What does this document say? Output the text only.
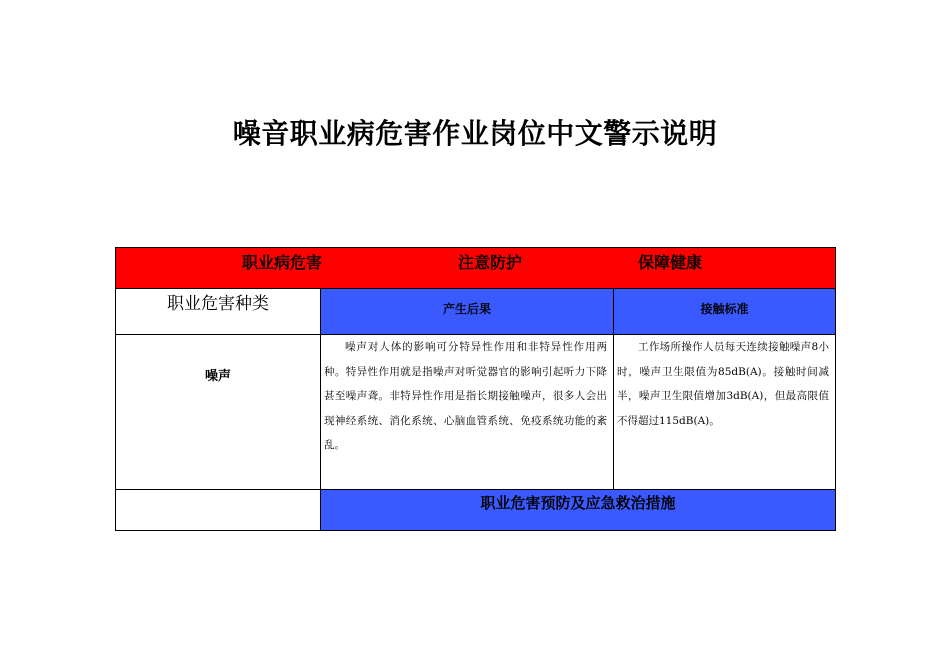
噪音职业病危害作业岗位中文警示说明
职业病危害 注意防护 保障健康		

职业危害种类	产生后果	接触标准
噪声	噪声对人体的影响可分特异性作用和非特异性作用两种。特异性作用就是指噪声对听觉器官的影响引起听力下降甚至噪声聋。非特异性作用是指长期接触噪声，很多人会出现神经系统、消化系统、心脑血管系统、免疫系统功能的紊乱。	工作场所操作人员每天连续接触噪声8小时，噪声卫生限值为85dB(A)。接触时间减半，噪声卫生限值增加3dB(A)，但最高限值不得超过115dB(A)。
	职业危害预防及应急救治措施	
